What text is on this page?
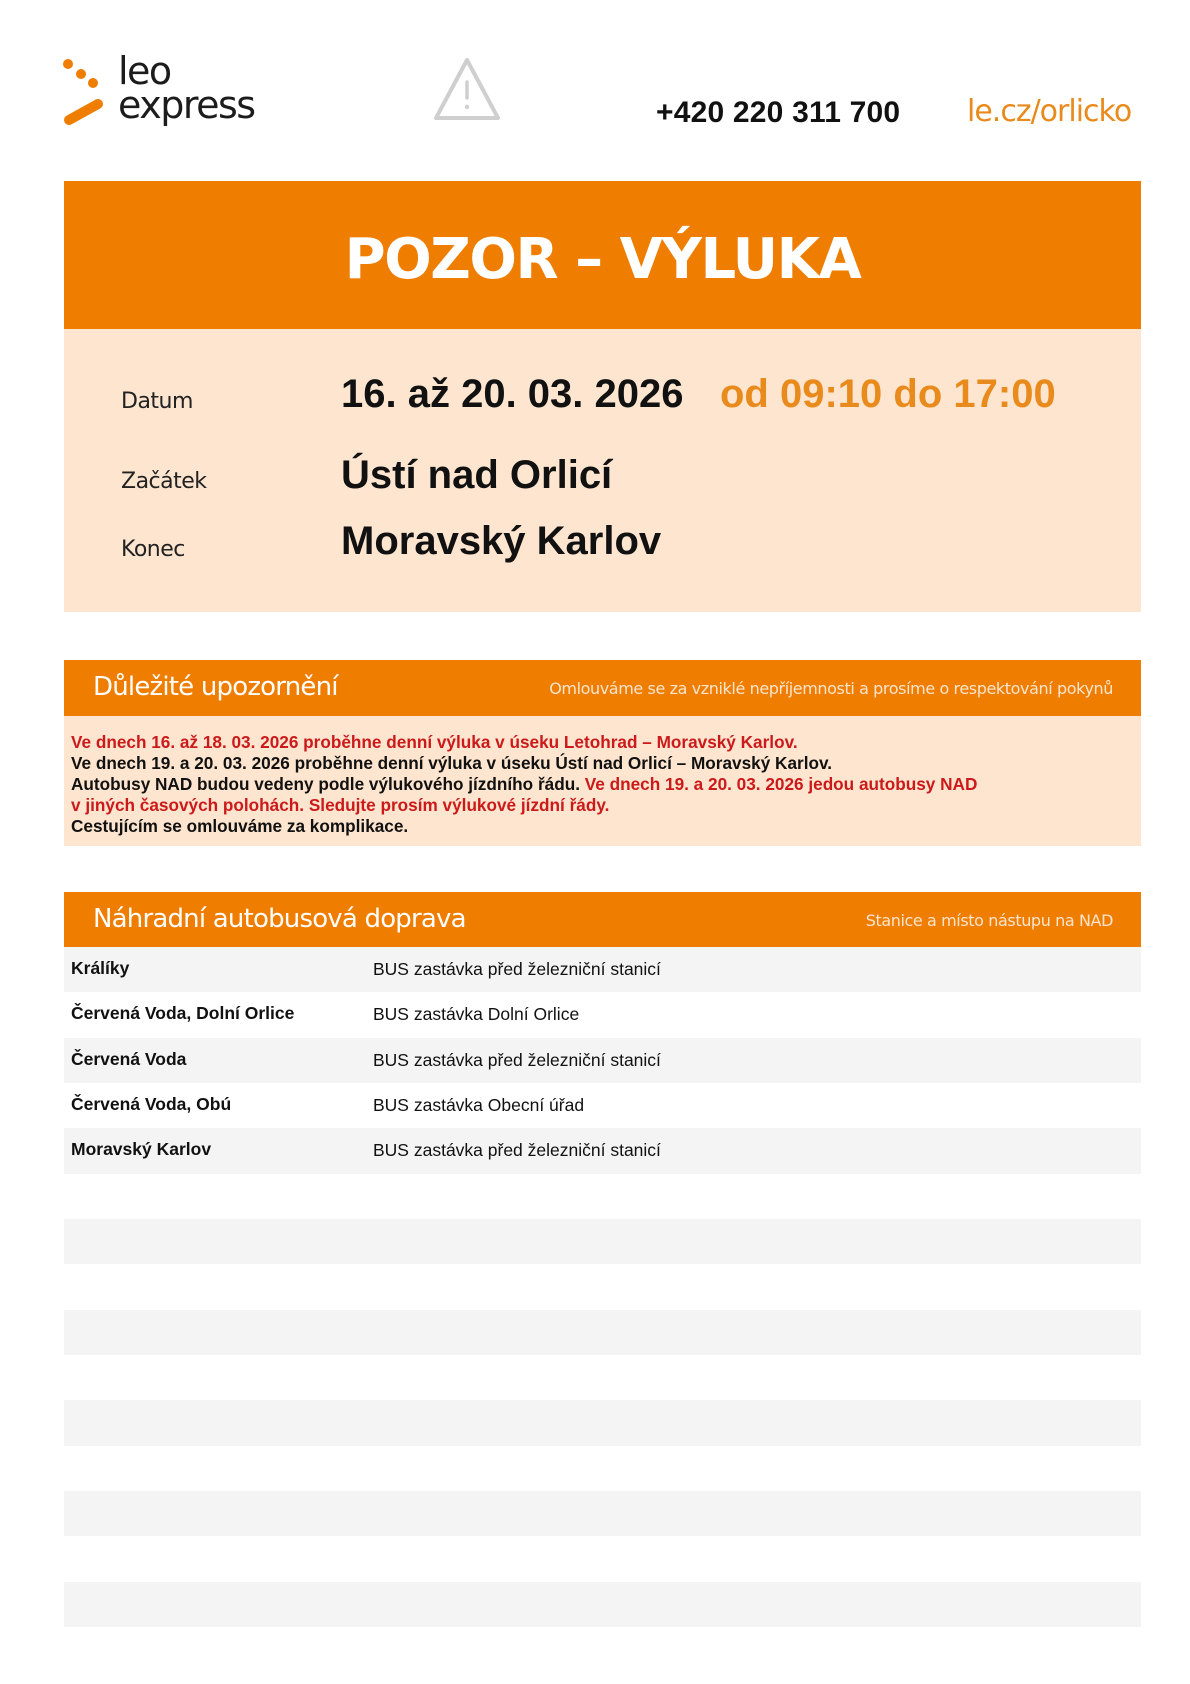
leo
express	+420 220 311 700 le.cz/orlicko
POZOR – VÝLUKA
Datum	16. až 20. 03. 2026 od 09:10 do 17:00
Začátek	Ústí nad Orlicí
Konec	Moravský Karlov
Důležité upozornění	Omlouváme se za vzniklé nepříjemnosti a prosíme o respektování pokynů
Ve dnech 16. až 18. 03. 2026 proběhne denní výluka v úseku Letohrad – Moravský Karlov.
Ve dnech 19. a 20. 03. 2026 proběhne denní výluka v úseku Ústí nad Orlicí – Moravský Karlov.
Autobusy NAD budou vedeny podle výlukového jízdního řádu. Ve dnech 19. a 20. 03. 2026 jedou autobusy NAD
v jiných časových polohách. Sledujte prosím výlukové jízdní řády.
Cestujícím se omlouváme za komplikace.
Náhradní autobusová doprava	Stanice a místo nástupu na NAD
Králíky	BUS zastávka před železniční stanicí
Červená Voda, Dolní Orlice	BUS zastávka Dolní Orlice
Červená Voda	BUS zastávka před železniční stanicí
Červená Voda, Obú	BUS zastávka Obecní úřad
Moravský Karlov	BUS zastávka před železniční stanicí
